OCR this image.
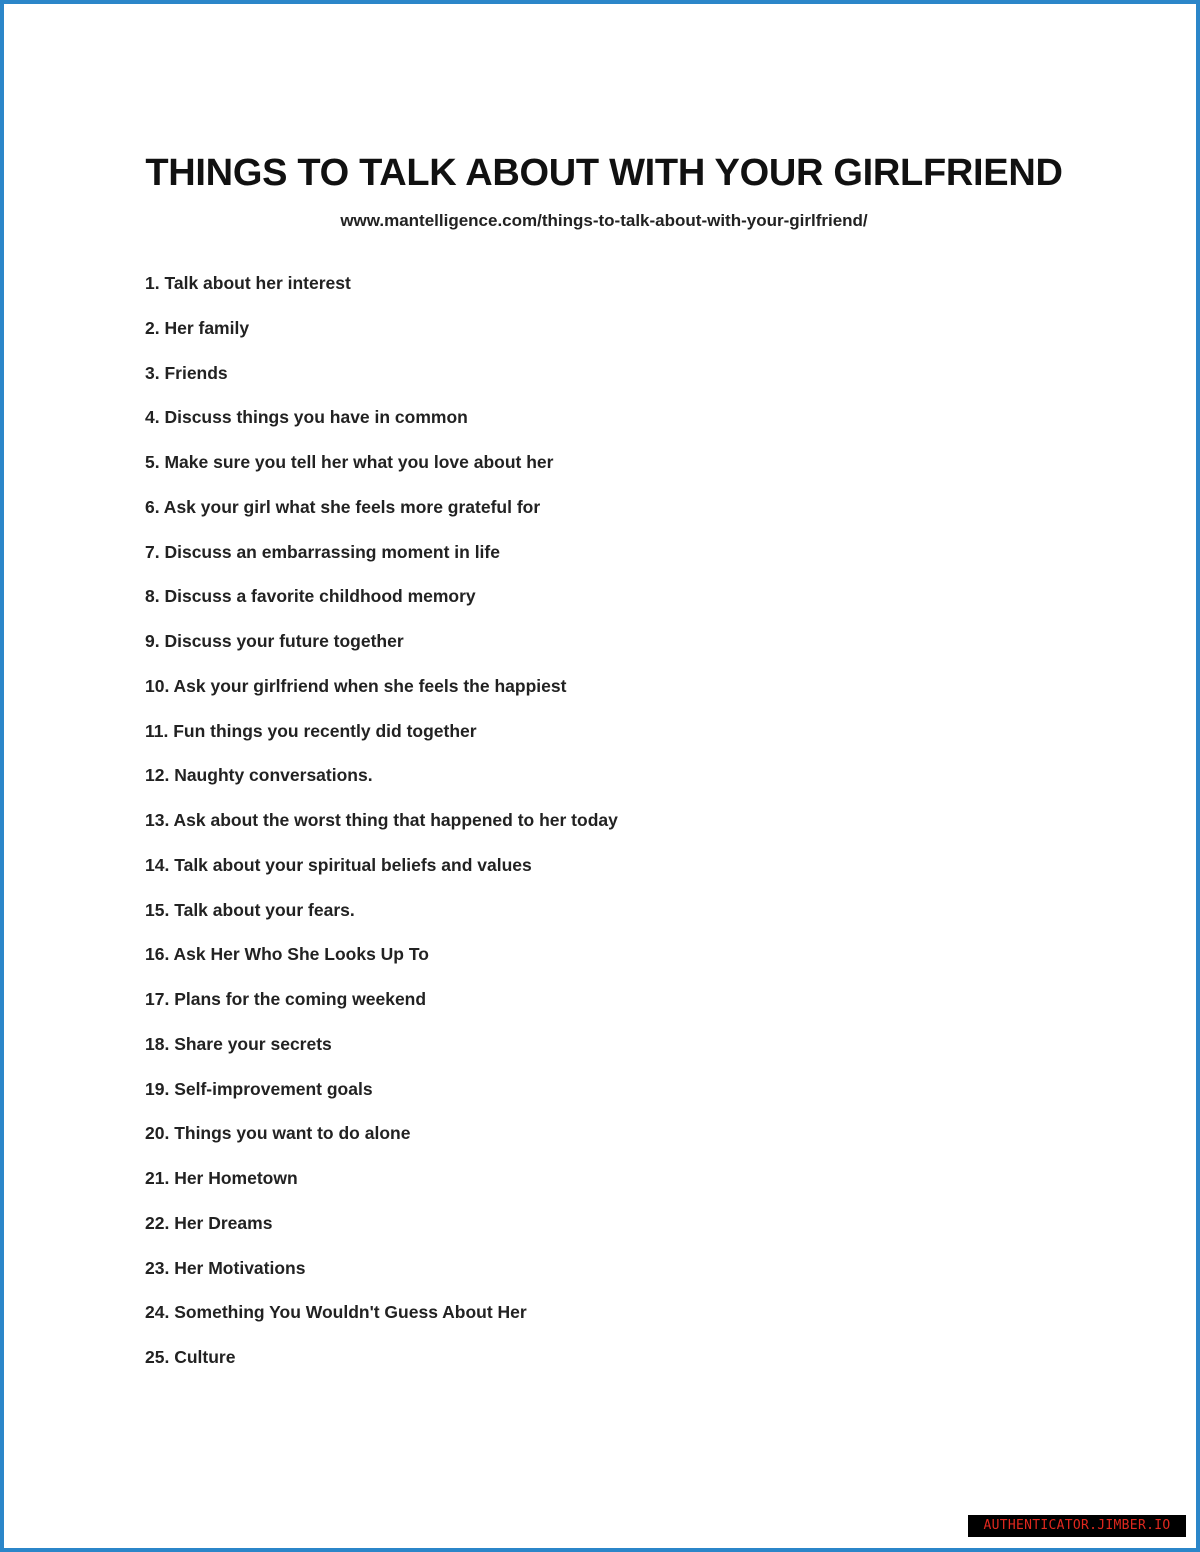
THINGS TO TALK ABOUT WITH YOUR GIRLFRIEND
www.mantelligence.com/things-to-talk-about-with-your-girlfriend/
1. Talk about her interest
2. Her family
3. Friends
4. Discuss things you have in common
5. Make sure you tell her what you love about her
6. Ask your girl what she feels more grateful for
7. Discuss an embarrassing moment in life
8. Discuss a favorite childhood memory
9. Discuss your future together
10. Ask your girlfriend when she feels the happiest
11. Fun things you recently did together
12. Naughty conversations.
13. Ask about the worst thing that happened to her today
14. Talk about your spiritual beliefs and values
15. Talk about your fears.
16. Ask Her Who She Looks Up To
17. Plans for the coming weekend
18. Share your secrets
19. Self-improvement goals
20. Things you want to do alone
21. Her Hometown
22. Her Dreams
23. Her Motivations
24. Something You Wouldn't Guess About Her
25. Culture
AUTHENTICATOR.JIMBER.IO
